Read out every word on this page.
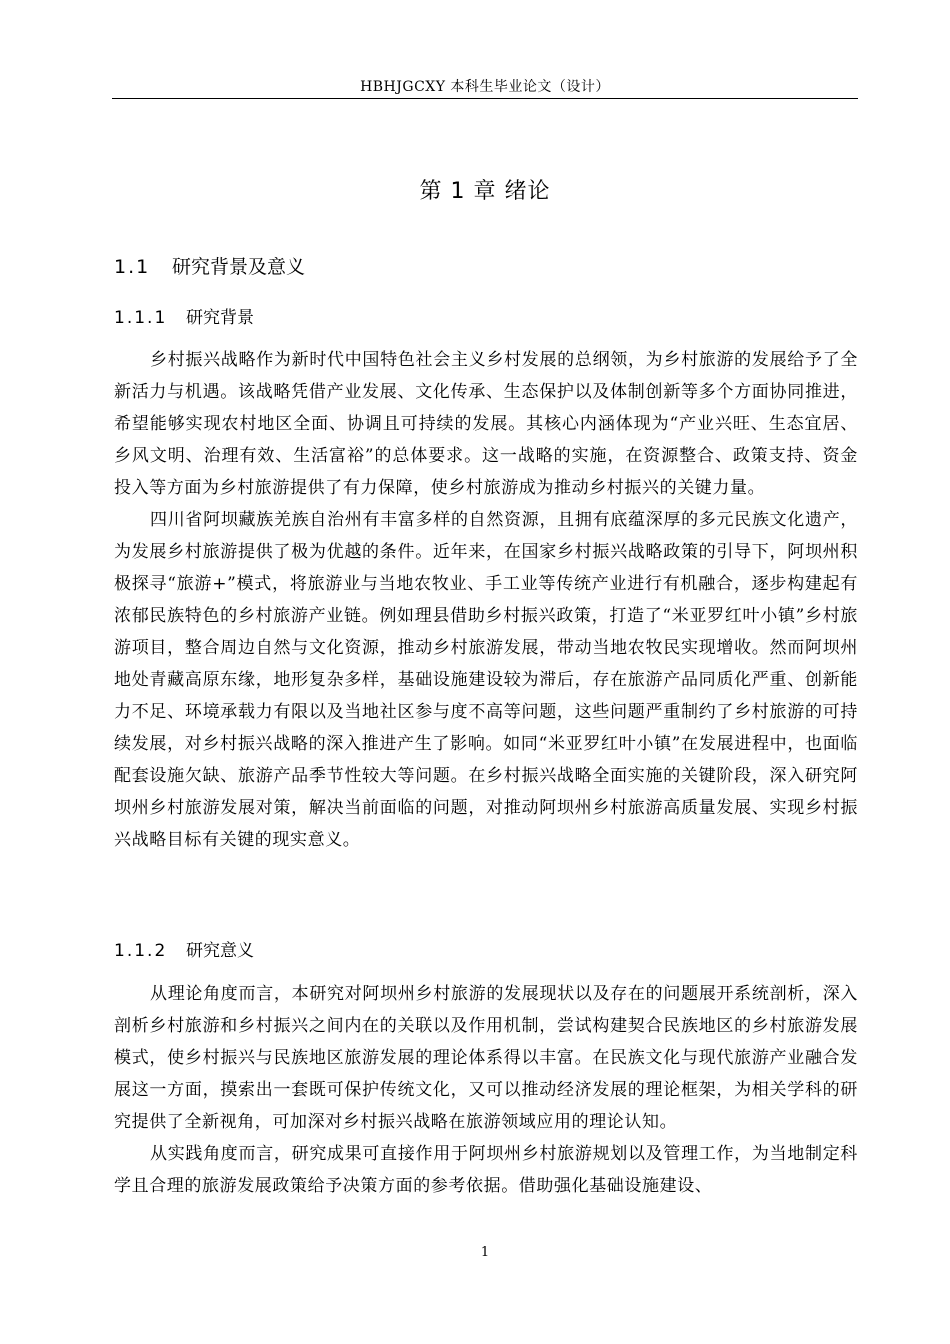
HBHJGCXY 本科生毕业论文（设计）
第 1 章 绪论
1.1 研究背景及意义
1.1.1 研究背景

乡村振兴战略作为新时代中国特色社会主义乡村发展的总纲领，为乡村旅游的发展给予了全新活力与机遇。该战略凭借产业发展、文化传承、生态保护以及体制创新等多个方面协同推进，希望能够实现农村地区全面、协调且可持续的发展。其核心内涵体现为“产业兴旺、生态宜居、乡风文明、治理有效、生活富裕”的总体要求。这一战略的实施，在资源整合、政策支持、资金投入等方面为乡村旅游提供了有力保障，使乡村旅游成为推动乡村振兴的关键力量。

四川省阿坝藏族羌族自治州有丰富多样的自然资源，且拥有底蕴深厚的多元民族文化遗产，为发展乡村旅游提供了极为优越的条件。近年来，在国家乡村振兴战略政策的引导下，阿坝州积极探寻“旅游+”模式，将旅游业与当地农牧业、手工业等传统产业进行有机融合，逐步构建起有浓郁民族特色的乡村旅游产业链。例如理县借助乡村振兴政策，打造了“米亚罗红叶小镇”乡村旅游项目，整合周边自然与文化资源，推动乡村旅游发展，带动当地农牧民实现增收。然而阿坝州地处青藏高原东缘，地形复杂多样，基础设施建设较为滞后，存在旅游产品同质化严重、创新能力不足、环境承载力有限以及当地社区参与度不高等问题，这些问题严重制约了乡村旅游的可持续发展，对乡村振兴战略的深入推进产生了影响。如同“米亚罗红叶小镇”在发展进程中，也面临配套设施欠缺、旅游产品季节性较大等问题。在乡村振兴战略全面实施的关键阶段，深入研究阿坝州乡村旅游发展对策，解决当前面临的问题，对推动阿坝州乡村旅游高质量发展、实现乡村振兴战略目标有关键的现实意义。

1.1.2 研究意义

从理论角度而言，本研究对阿坝州乡村旅游的发展现状以及存在的问题展开系统剖析，深入剖析乡村旅游和乡村振兴之间内在的关联以及作用机制，尝试构建契合民族地区的乡村旅游发展模式，使乡村振兴与民族地区旅游发展的理论体系得以丰富。在民族文化与现代旅游产业融合发展这一方面，摸索出一套既可保护传统文化，又可以推动经济发展的理论框架，为相关学科的研究提供了全新视角，可加深对乡村振兴战略在旅游领域应用的理论认知。

从实践角度而言，研究成果可直接作用于阿坝州乡村旅游规划以及管理工作，为当地制定科学且合理的旅游发展政策给予决策方面的参考依据。借助强化基础设施建设、

1
